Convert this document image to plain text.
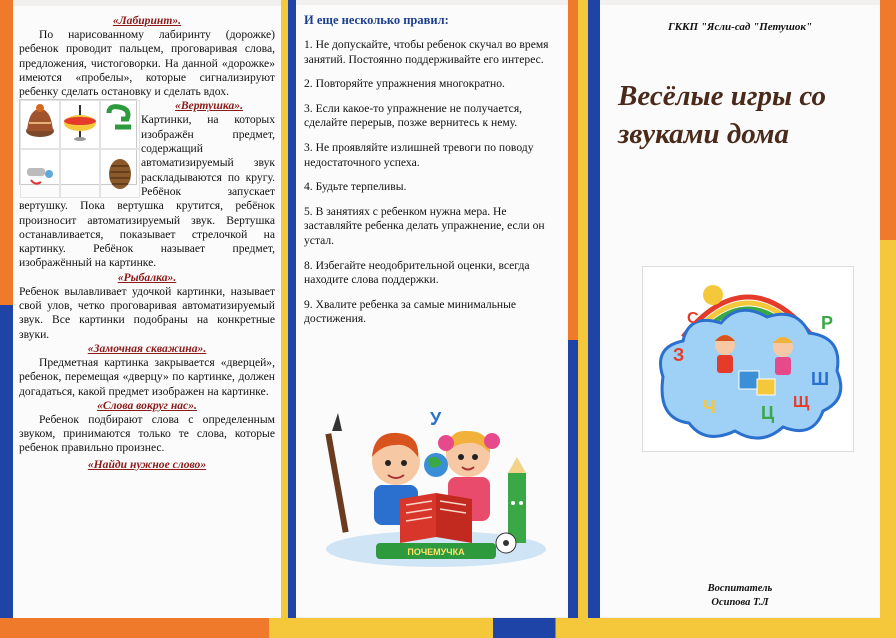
«Лабиринт».
По нарисованному лабиринту (дорожке) ребенок проводит пальцем, проговаривая слова, предложения, чистоговорки. На данной «дорожке» имеются «пробелы», которые сигнализируют ребенку сделать остановку и сделать вдох.
«Вертушка».
Картинки, на которых изображён предмет, содержащий автоматизируемый звук раскладываются по кругу. Ребёнок запускает вертушку. Пока вертушка крутится, ребёнок произносит автоматизируемый звук. Вертушка останавливается, показывает стрелочкой на картинку. Ребёнок называет предмет, изображённый на картинке.
«Рыбалка».
Ребенок вылавливает удочкой картинки, называет свой улов, четко проговаривая автоматизируемый звук. Все картинки подобраны на конкретные звуки.
«Замочная скважина».
Предметная картинка закрывается «дверцей», ребенок, перемещая «дверцу» по картинке, должен догадаться, какой предмет изображен на картинке.
«Слова вокруг нас».
Ребенок подбирают слова с определенным звуком, принимаются только те слова, которые ребенок правильно произнес.
«Найди нужное слово»
И еще несколько правил:
1. Не допускайте, чтобы ребенок скучал во время занятий. Постоянно поддерживайте его интерес.
2. Повторяйте упражнения многократно.
3. Если какое-то упражнение не получается, сделайте перерыв, позже вернитесь к нему.
3. Не проявляйте излишней тревоги по поводу недостаточного успеха.
4. Будьте терпеливы.
5. В занятиях с ребенком нужна мера. Не заставляйте ребенка делать упражнение, если он устал.
8. Избегайте неодобрительной оценки, всегда находите слова поддержки.
9. Хвалите ребенка за самые минимальные достижения.
ПОЧЕМУЧКА
У
ГККП "Ясли-сад "Петушок"
Весёлые игры со
звуками дома
С	Р
З
Ш
Ч	Ц
Щ
Воспитатель
Осипова Т.Л
